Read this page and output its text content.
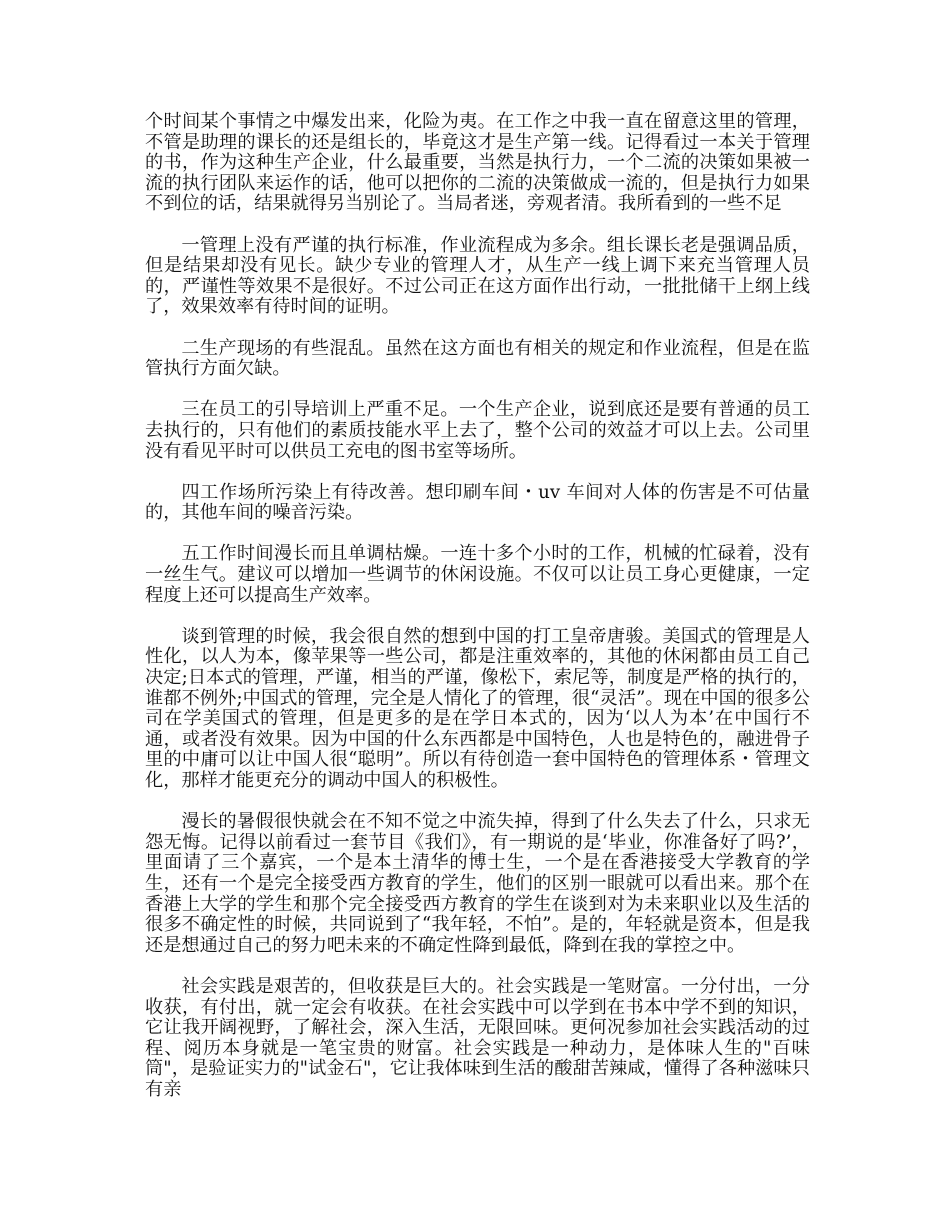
个时间某个事情之中爆发出来，化险为夷。在工作之中我一直在留意这里的管理，不管是助理的课长的还是组长的，毕竟这才是生产第一线。记得看过一本关于管理的书，作为这种生产企业，什么最重要，当然是执行力，一个二流的决策如果被一流的执行团队来运作的话，他可以把你的二流的决策做成一流的，但是执行力如果不到位的话，结果就得另当别论了。当局者迷，旁观者清。我所看到的一些不足

一管理上没有严谨的执行标准，作业流程成为多余。组长课长老是强调品质，但是结果却没有见长。缺少专业的管理人才，从生产一线上调下来充当管理人员的，严谨性等效果不是很好。不过公司正在这方面作出行动，一批批储干上纲上线了，效果效率有待时间的证明。

二生产现场的有些混乱。虽然在这方面也有相关的规定和作业流程，但是在监管执行方面欠缺。

三在员工的引导培训上严重不足。一个生产企业，说到底还是要有普通的员工去执行的，只有他们的素质技能水平上去了，整个公司的效益才可以上去。公司里没有看见平时可以供员工充电的图书室等场所。

四工作场所污染上有待改善。想印刷车间・uv 车间对人体的伤害是不可估量的，其他车间的噪音污染。

五工作时间漫长而且单调枯燥。一连十多个小时的工作，机械的忙碌着，没有一丝生气。建议可以增加一些调节的休闲设施。不仅可以让员工身心更健康，一定程度上还可以提高生产效率。

谈到管理的时候，我会很自然的想到中国的打工皇帝唐骏。美国式的管理是人性化，以人为本，像苹果等一些公司，都是注重效率的，其他的休闲都由员工自己决定;日本式的管理，严谨，相当的严谨，像松下，索尼等，制度是严格的执行的，谁都不例外;中国式的管理，完全是人情化了的管理，很“灵活”。现在中国的很多公司在学美国式的管理，但是更多的是在学日本式的，因为‘以人为本’在中国行不通，或者没有效果。因为中国的什么东西都是中国特色，人也是特色的，融进骨子里的中庸可以让中国人很“聪明”。所以有待创造一套中国特色的管理体系・管理文化，那样才能更充分的调动中国人的积极性。

漫长的暑假很快就会在不知不觉之中流失掉，得到了什么失去了什么，只求无怨无悔。记得以前看过一套节目《我们》，有一期说的是‘毕业，你准备好了吗?’，里面请了三个嘉宾，一个是本土清华的博士生，一个是在香港接受大学教育的学生，还有一个是完全接受西方教育的学生，他们的区别一眼就可以看出来。那个在香港上大学的学生和那个完全接受西方教育的学生在谈到对为未来职业以及生活的很多不确定性的时候，共同说到了“我年轻，不怕”。是的，年轻就是资本，但是我还是想通过自己的努力吧未来的不确定性降到最低，降到在我的掌控之中。

社会实践是艰苦的，但收获是巨大的。社会实践是一笔财富。一分付出，一分收获，有付出，就一定会有收获。在社会实践中可以学到在书本中学不到的知识，它让我开阔视野，了解社会，深入生活，无限回味。更何况参加社会实践活动的过程、阅历本身就是一笔宝贵的财富。社会实践是一种动力，是体味人生的"百味筒"，是验证实力的"试金石"，它让我体味到生活的酸甜苦辣咸，懂得了各种滋味只有亲
